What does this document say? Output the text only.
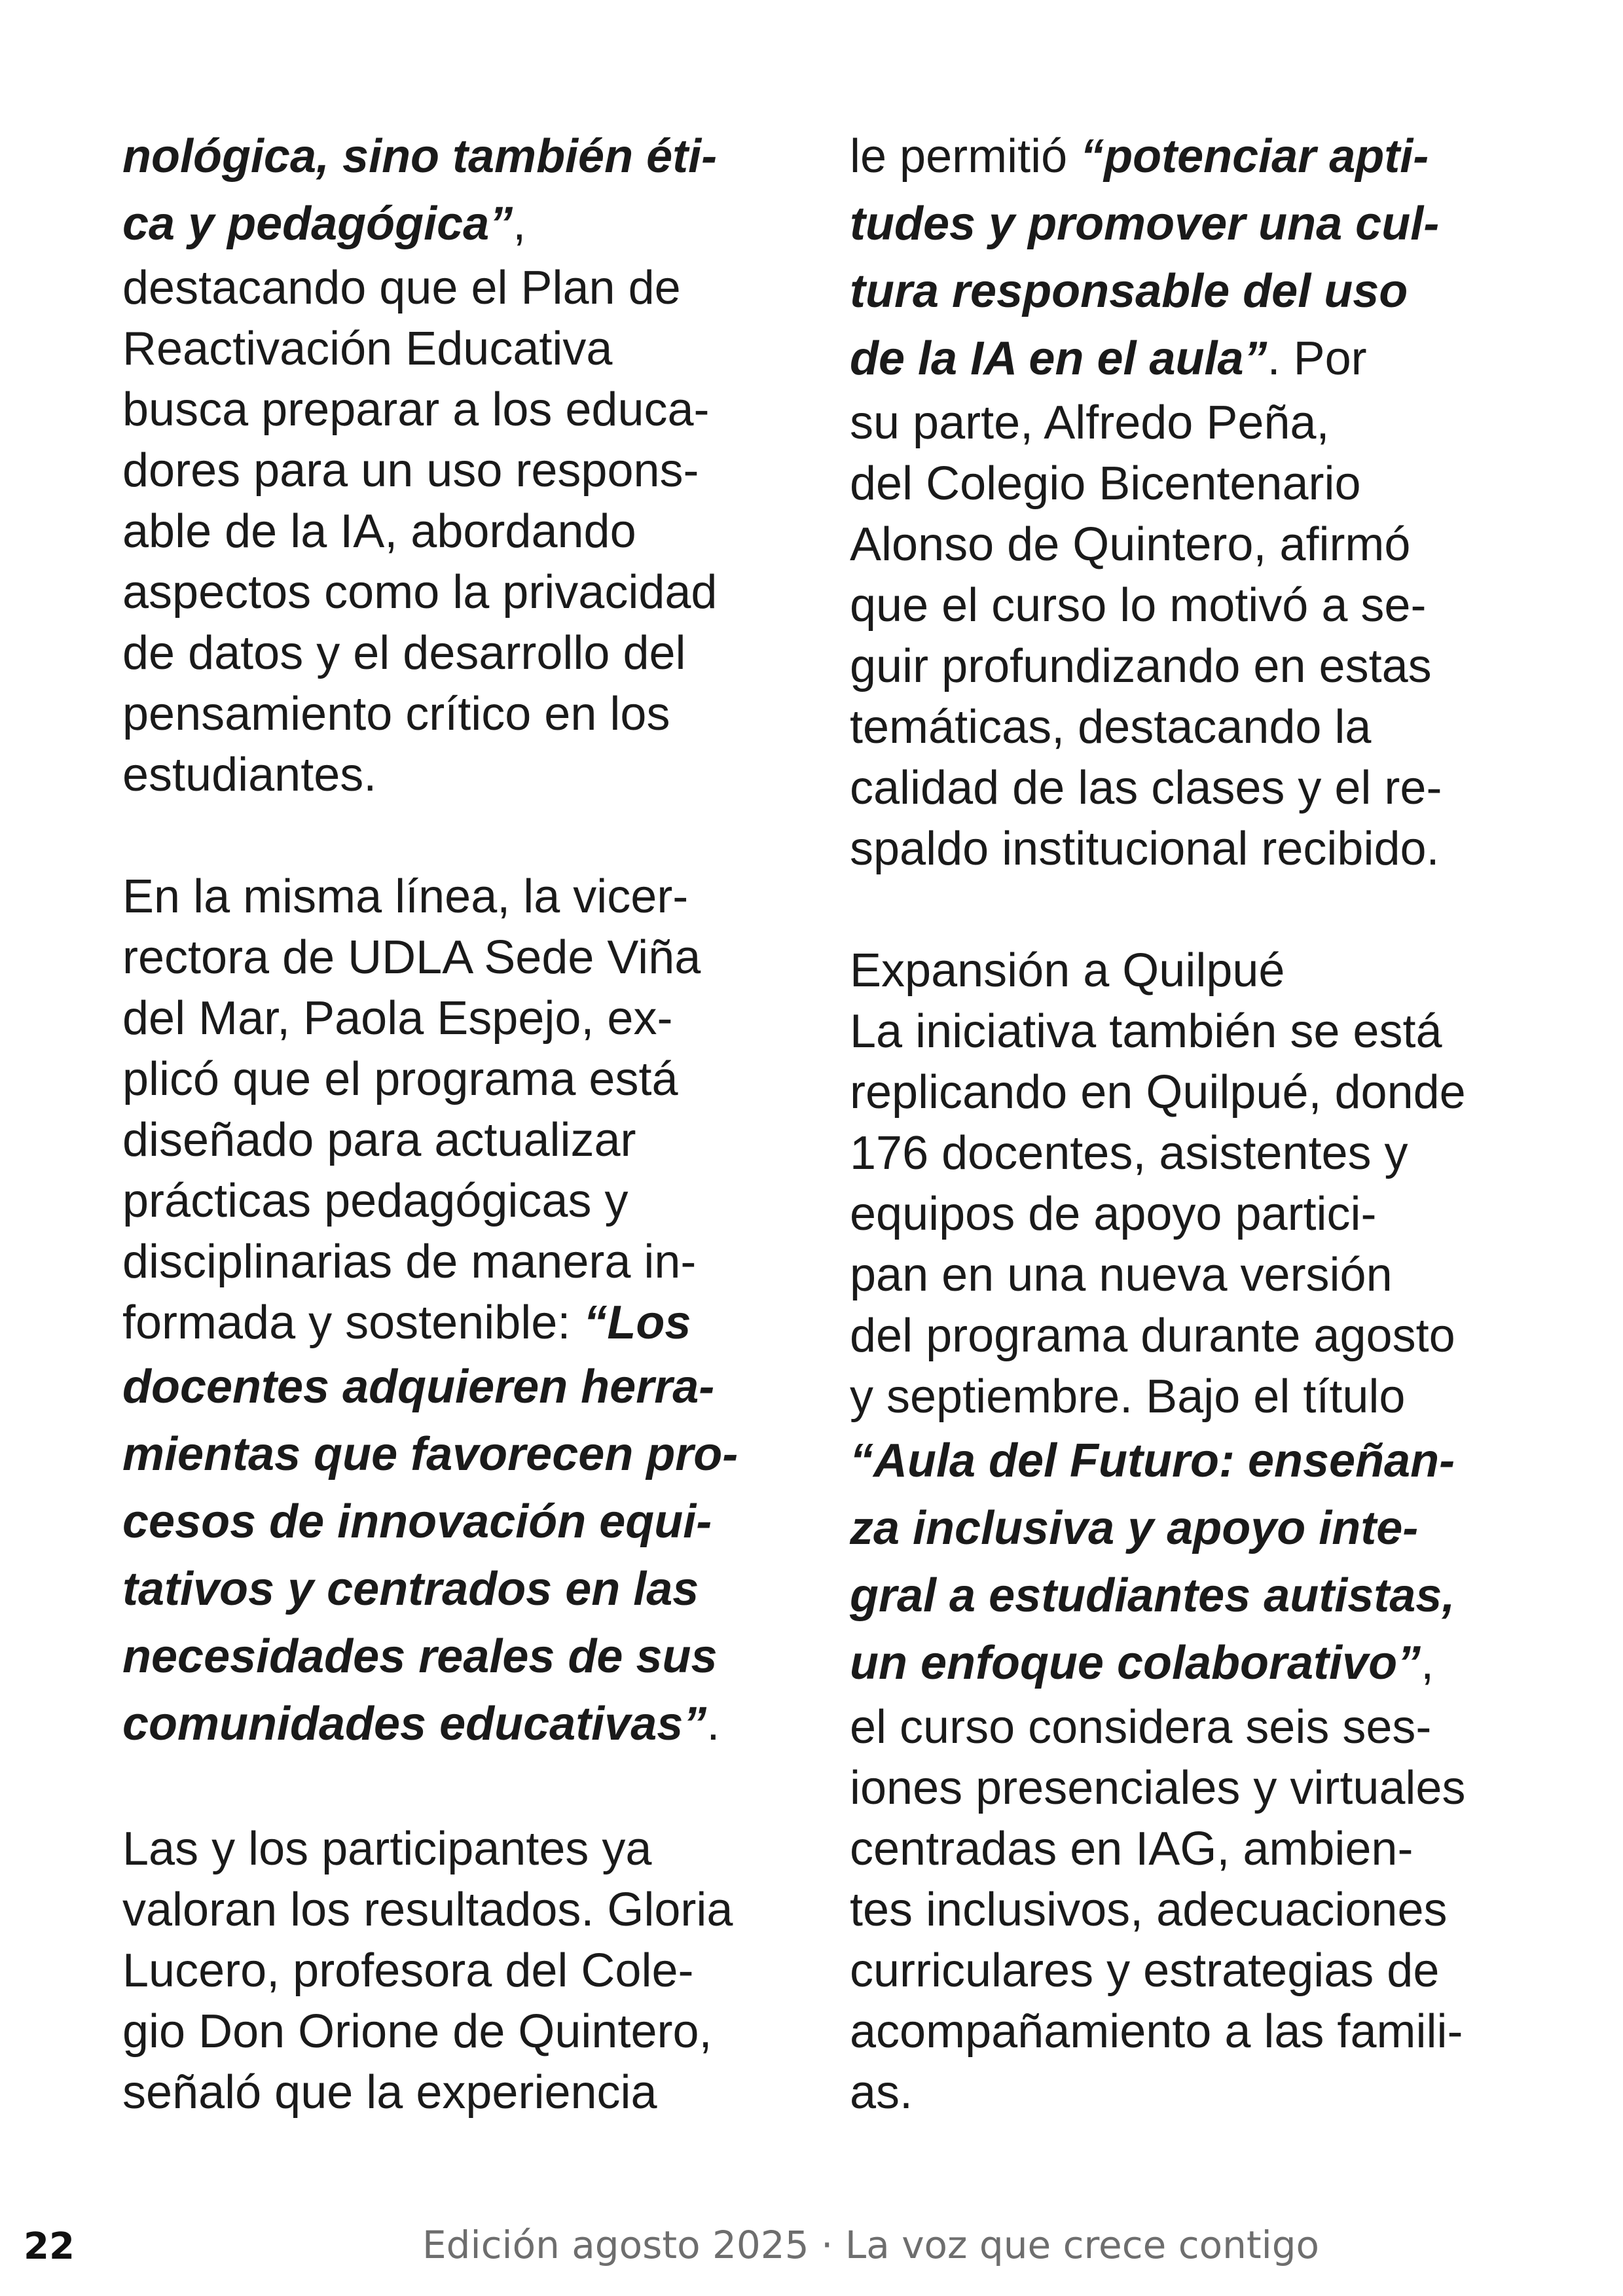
nológica, sino también éti-
ca y pedagógica”,
destacando que el Plan de
Reactivación Educativa
busca preparar a los educa-
dores para un uso respons-
able de la IA, abordando
aspectos como la privacidad
de datos y el desarrollo del
pensamiento crítico en los
estudiantes.
En la misma línea, la vicer-
rectora de UDLA Sede Viña
del Mar, Paola Espejo, ex-
plicó que el programa está
diseñado para actualizar
prácticas pedagógicas y
disciplinarias de manera in-
formada y sostenible: “Los
docentes adquieren herra-
mientas que favorecen pro-
cesos de innovación equi-
tativos y centrados en las
necesidades reales de sus
comunidades educativas”.
Las y los participantes ya
valoran los resultados. Gloria
Lucero, profesora del Cole-
gio Don Orione de Quintero,
señaló que la experiencia
le permitió “potenciar apti-
tudes y promover una cul-
tura responsable del uso
de la IA en el aula”. Por
su parte, Alfredo Peña,
del Colegio Bicentenario
Alonso de Quintero, afirmó
que el curso lo motivó a se-
guir profundizando en estas
temáticas, destacando la
calidad de las clases y el re-
spaldo institucional recibido.
Expansión a Quilpué
La iniciativa también se está
replicando en Quilpué, donde
176 docentes, asistentes y
equipos de apoyo partici-
pan en una nueva versión
del programa durante agosto
y septiembre. Bajo el título
“Aula del Futuro: enseñan-
za inclusiva y apoyo inte-
gral a estudiantes autistas,
un enfoque colaborativo”,
el curso considera seis ses-
iones presenciales y virtuales
centradas en IAG, ambien-
tes inclusivos, adecuaciones
curriculares y estrategias de
acompañamiento a las famili-
as.
22	Edición agosto 2025 · La voz que crece contigo
